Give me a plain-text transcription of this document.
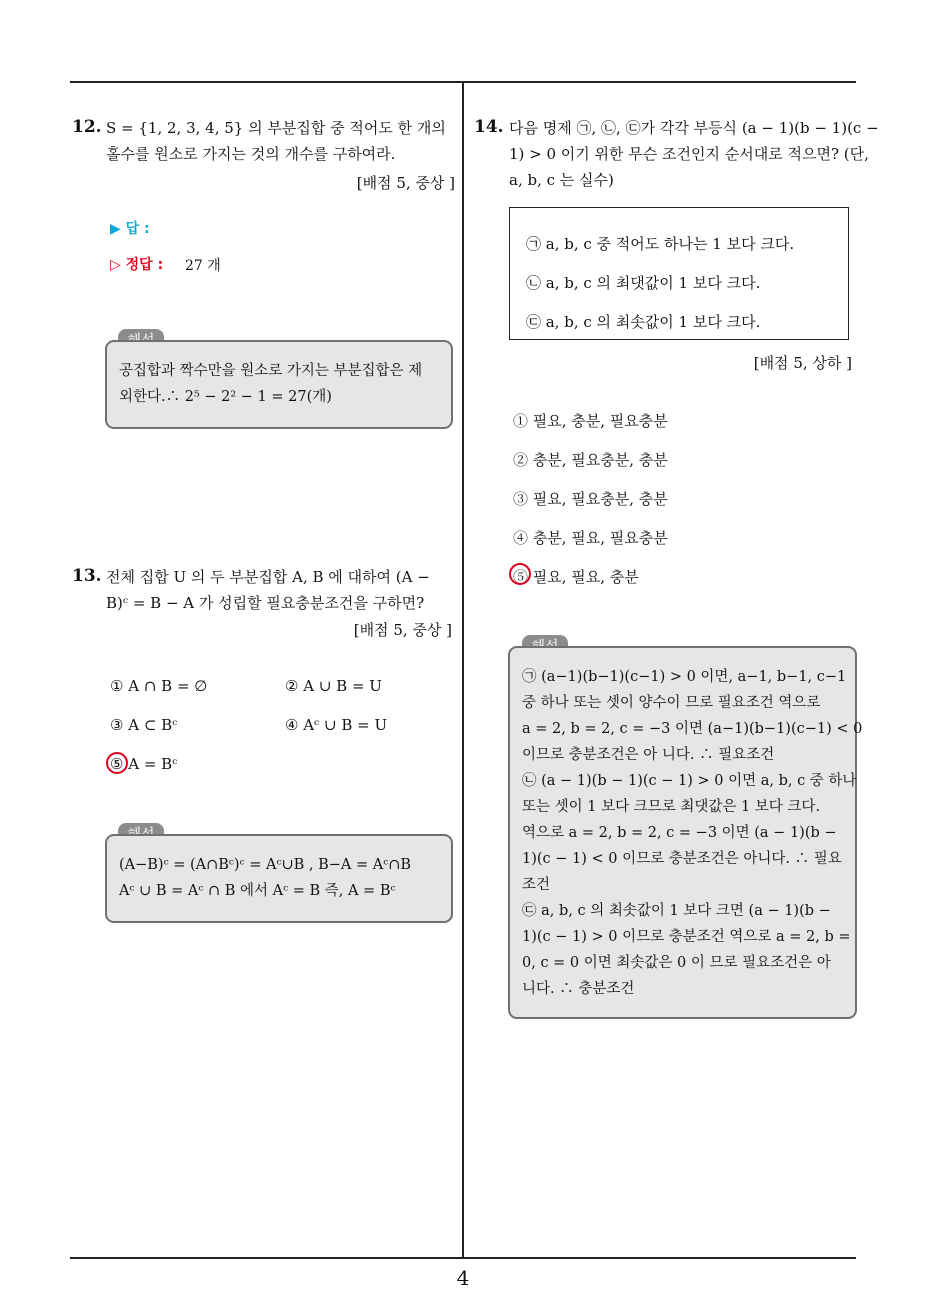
4
12. S = {1, 2, 3, 4, 5} 의 부분집합 중 적어도 한 개의
홀수를 원소로 가지는 것의 개수를 구하여라.
[배점 5, 중상 ]
▶ 답 :
▷ 정답 : 27 개
공집합과 짝수만을 원소로 가지는 부분집합은 제
외한다.∴ 2⁵ − 2² − 1 = 27(개)
13. 전체 집합 U 의 두 부분집합 A, B 에 대하여 (A −
B)ᶜ = B − A 가 성립할 필요충분조건을 구하면?
[배점 5, 중상 ]
① A ∩ B = ∅	② A ∪ B = U
③ A ⊂ Bᶜ	④ Aᶜ ∪ B = U
⑤ A = Bᶜ
(A−B)ᶜ = (A∩Bᶜ)ᶜ = Aᶜ∪B , B−A = Aᶜ∩B
Aᶜ ∪ B = Aᶜ ∩ B 에서 Aᶜ = B 즉, A = Bᶜ
14. 다음 명제 ㉠, ㉡, ㉢가 각각 부등식 (a − 1)(b − 1)(c −
1) > 0 이기 위한 무슨 조건인지 순서대로 적으면? (단,
a, b, c 는 실수)
㉠ a, b, c 중 적어도 하나는 1 보다 크다.
㉡ a, b, c 의 최댓값이 1 보다 크다.
㉢ a, b, c 의 최솟값이 1 보다 크다.
[배점 5, 상하 ]
① 필요, 충분, 필요충분
② 충분, 필요충분, 충분
③ 필요, 필요충분, 충분
④ 충분, 필요, 필요충분
⑤ 필요, 필요, 충분
㉠ (a−1)(b−1)(c−1) > 0 이면, a−1, b−1, c−1
중 하나 또는 셋이 양수이 므로 필요조건 역으로
a = 2, b = 2, c = −3 이면 (a−1)(b−1)(c−1) < 0
이므로 충분조건은 아 니다. ∴ 필요조건
㉡ (a − 1)(b − 1)(c − 1) > 0 이면 a, b, c 중 하나
또는 셋이 1 보다 크므로 최댓값은 1 보다 크다.
역으로 a = 2, b = 2, c = −3 이면 (a − 1)(b −
1)(c − 1) < 0 이므로 충분조건은 아니다. ∴ 필요
조건
㉢ a, b, c 의 최솟값이 1 보다 크면 (a − 1)(b −
1)(c − 1) > 0 이므로 충분조건 역으로 a = 2, b =
0, c = 0 이면 최솟값은 0 이 므로 필요조건은 아
니다. ∴ 충분조건
